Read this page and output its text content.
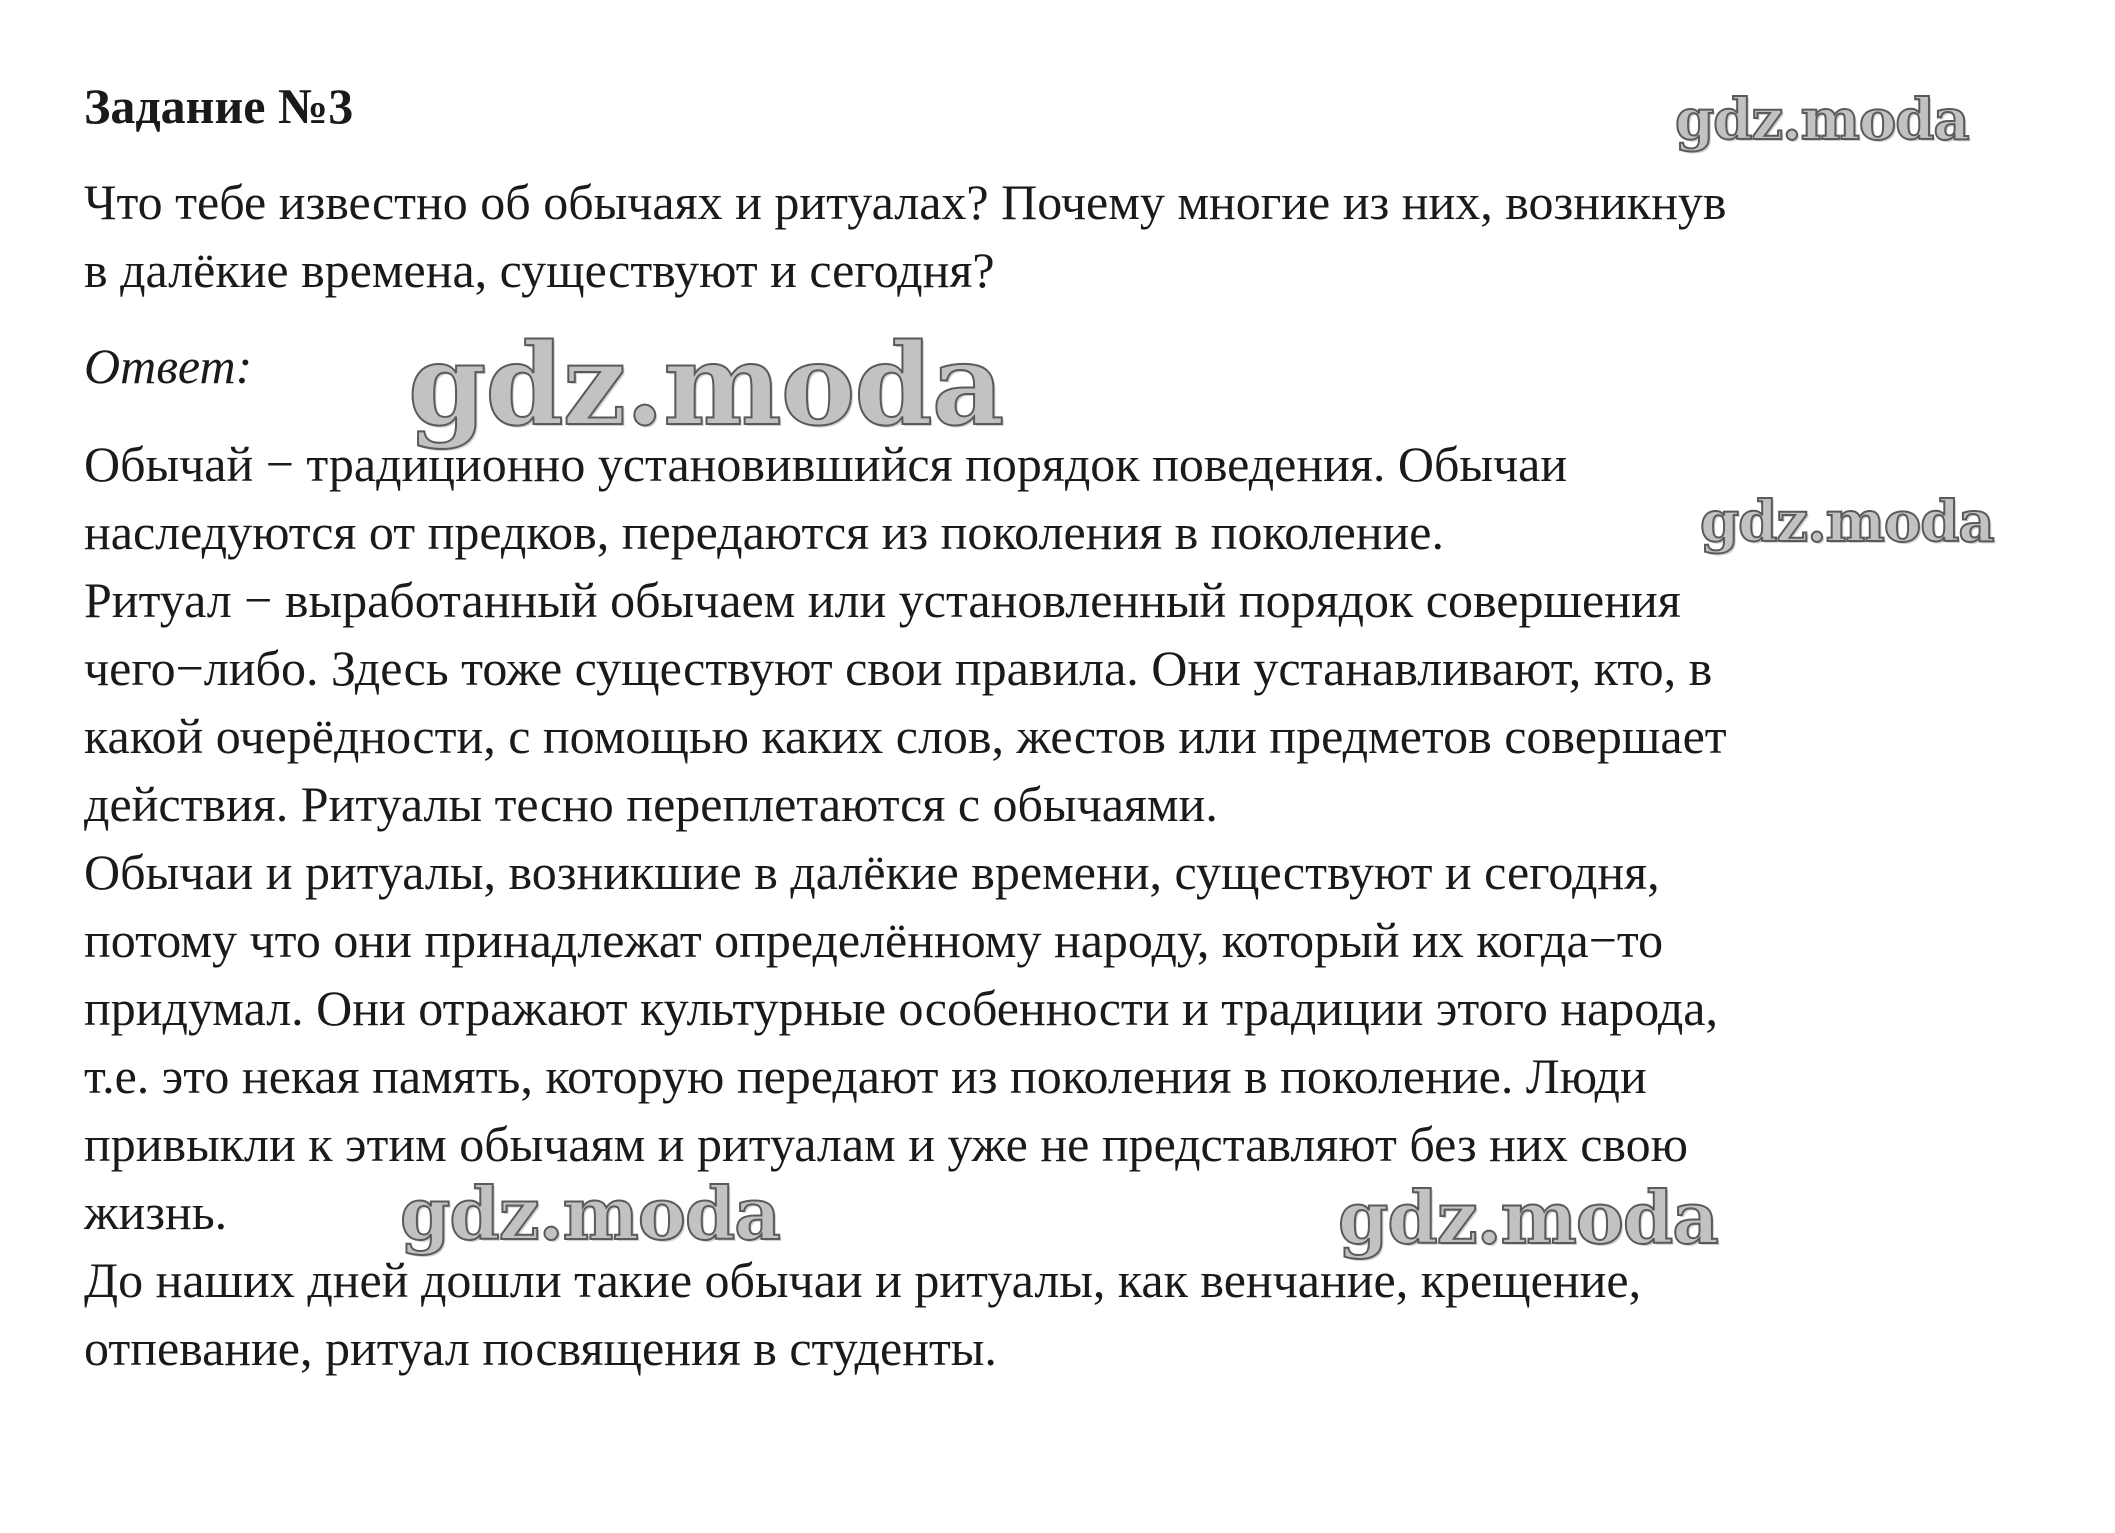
Задание №3
Что тебе известно об обычаях и ритуалах? Почему многие из них, возникнув
в далёкие времена, существуют и сегодня?
Ответ:
Обычай − традиционно установившийся порядок поведения. Обычаи
наследуются от предков, передаются из поколения в поколение.
Ритуал − выработанный обычаем или установленный порядок совершения
чего−либо. Здесь тоже существуют свои правила. Они устанавливают, кто, в
какой очерёдности, с помощью каких слов, жестов или предметов совершает
действия. Ритуалы тесно переплетаются с обычаями.
Обычаи и ритуалы, возникшие в далёкие времени, существуют и сегодня,
потому что они принадлежат определённому народу, который их когда−то
придумал. Они отражают культурные особенности и традиции этого народа,
т.е. это некая память, которую передают из поколения в поколение. Люди
привыкли к этим обычаям и ритуалам и уже не представляют без них свою
жизнь.
До наших дней дошли такие обычаи и ритуалы, как венчание, крещение,
отпевание, ритуал посвящения в студенты.
gdz.moda
gdz.moda
gdz.moda
gdz.moda	gdz.moda
